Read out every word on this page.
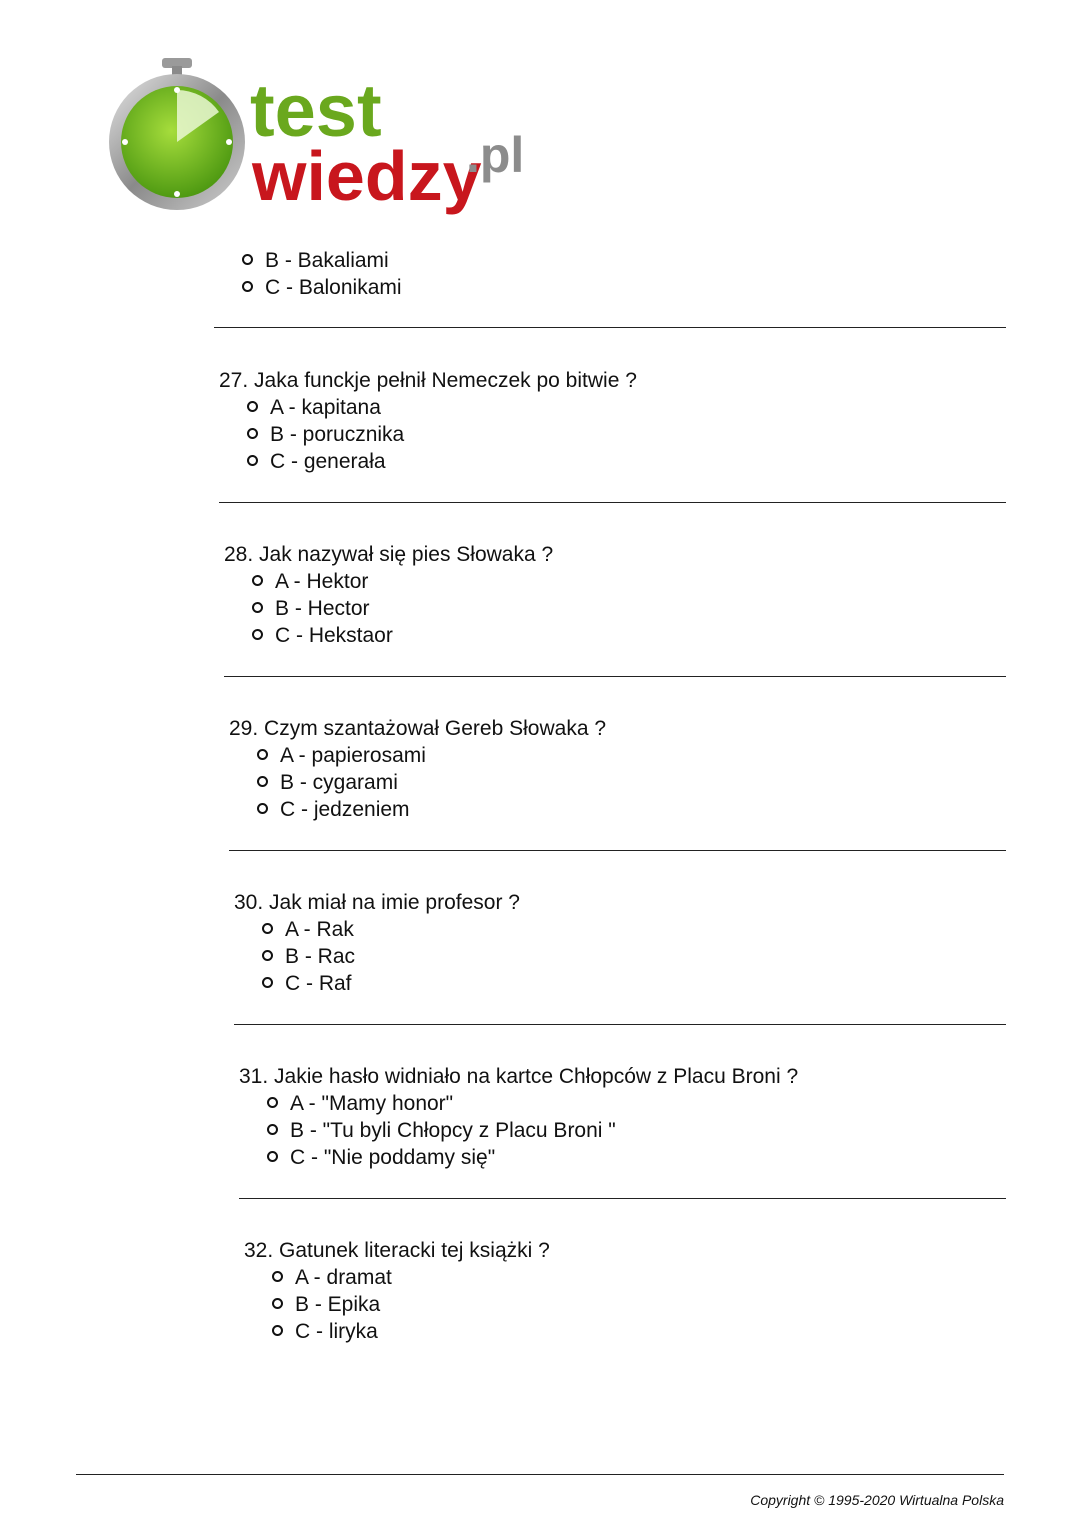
test
wiedzy
.pl
B - Bakaliami
C - Balonikami
27. Jaka funckje pełnił Nemeczek po bitwie ?
A - kapitana
B - porucznika
C - generała
28. Jak nazywał się pies Słowaka ?
A - Hektor
B - Hector
C - Hekstaor
29. Czym szantażował Gereb Słowaka ?
A - papierosami
B - cygarami
C - jedzeniem
30. Jak miał na imie profesor ?
A - Rak
B - Rac
C - Raf
31. Jakie hasło widniało na kartce Chłopców z Placu Broni ?
A - "Mamy honor"
B - "Tu byli Chłopcy z Placu Broni "
C - "Nie poddamy się"
32. Gatunek literacki tej książki ?
A - dramat
B - Epika
C - liryka
Copyright © 1995-2020 Wirtualna Polska
